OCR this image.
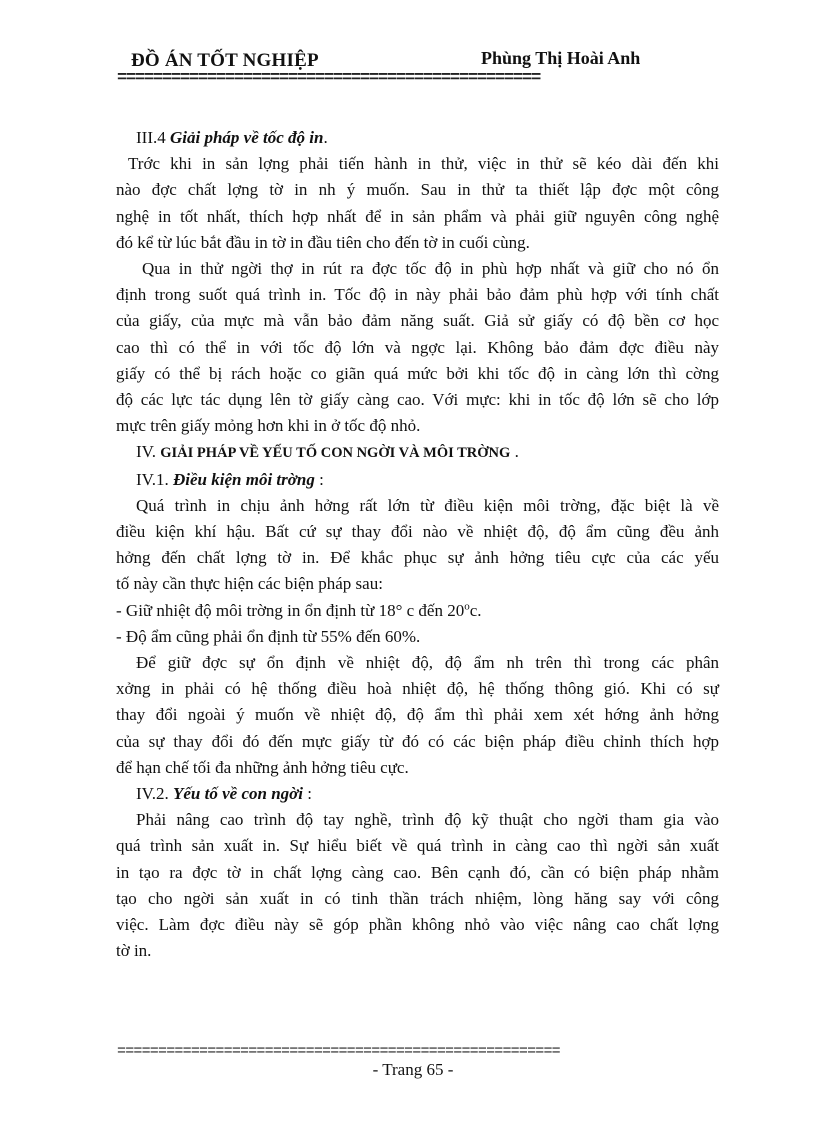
ĐỒ ÁN TỐT NGHIỆP	Phùng Thị Hoài Anh
===============================================

III.4 Giải pháp về tốc độ in.

Trớc khi in sản lợng phải tiến hành in thử, việc in thử sẽ kéo dài đến khi

nào đợc chất lợng tờ in nh ý muốn. Sau in thử ta thiết lập đợc một công

nghệ in tốt nhất, thích hợp nhất để in sản phẩm và phải giữ nguyên công nghệ

đó kể từ lúc bắt đầu in tờ in đầu tiên cho đến tờ in cuối cùng.

Qua in thử ngời thợ in rút ra đợc tốc độ in phù hợp nhất và giữ cho nó ổn

định trong suốt quá trình in. Tốc độ in này phải bảo đảm phù hợp với tính chất

của giấy, của mực mà vẫn bảo đảm năng suất. Giả sử giấy có độ bền cơ học

cao thì có thể in với tốc độ lớn và ngợc lại. Không bảo đảm đợc điều này

giấy có thể bị rách hoặc co giãn quá mức bởi khi tốc độ in càng lớn thì cờng

độ các lực tác dụng lên tờ giấy càng cao. Với mực: khi in tốc độ lớn sẽ cho lớp

mực trên giấy mỏng hơn khi in ở tốc độ nhỏ.

IV. GIẢI PHÁP VỀ YẾU TỐ CON NGỜI VÀ MÔI TRỜNG .

IV.1. Điều kiện môi trờng :

Quá trình in chịu ảnh hởng rất lớn từ điều kiện môi trờng, đặc biệt là về

điều kiện khí hậu. Bất cứ sự thay đổi nào về nhiệt độ, độ ẩm cũng đều ảnh

hởng đến chất lợng tờ in. Để khắc phục sự ảnh hởng tiêu cực của các yếu

tố này cần thực hiện các biện pháp sau:

- Giữ nhiệt độ môi trờng in ổn định từ 18° c đến 20$^o$c.

- Độ ẩm cũng phải ổn định từ 55% đến 60%.

Để giữ đợc sự ổn định về nhiệt độ, độ ẩm nh trên thì trong các phân

xởng in phải có hệ thống điều hoà nhiệt độ, hệ thống thông gió. Khi có sự

thay đổi ngoài ý muốn về nhiệt độ, độ ẩm thì phải xem xét hớng ảnh hởng

của sự thay đổi đó đến mực giấy từ đó có các biện pháp điều chỉnh thích hợp

để hạn chế tối đa những ảnh hởng tiêu cực.

IV.2. Yếu tố về con ngời :

Phải nâng cao trình độ tay nghề, trình độ kỹ thuật cho ngời tham gia vào

quá trình sản xuất in. Sự hiểu biết về quá trình in càng cao thì ngời sản xuất

in tạo ra đợc tờ in chất lợng càng cao. Bên cạnh đó, cần có biện pháp nhằm

tạo cho ngời sản xuất in có tinh thần trách nhiệm, lòng hăng say với công

việc. Làm đợc điều này sẽ góp phần không nhỏ vào việc nâng cao chất lợng

tờ in.

======================================================
- Trang 65 -
